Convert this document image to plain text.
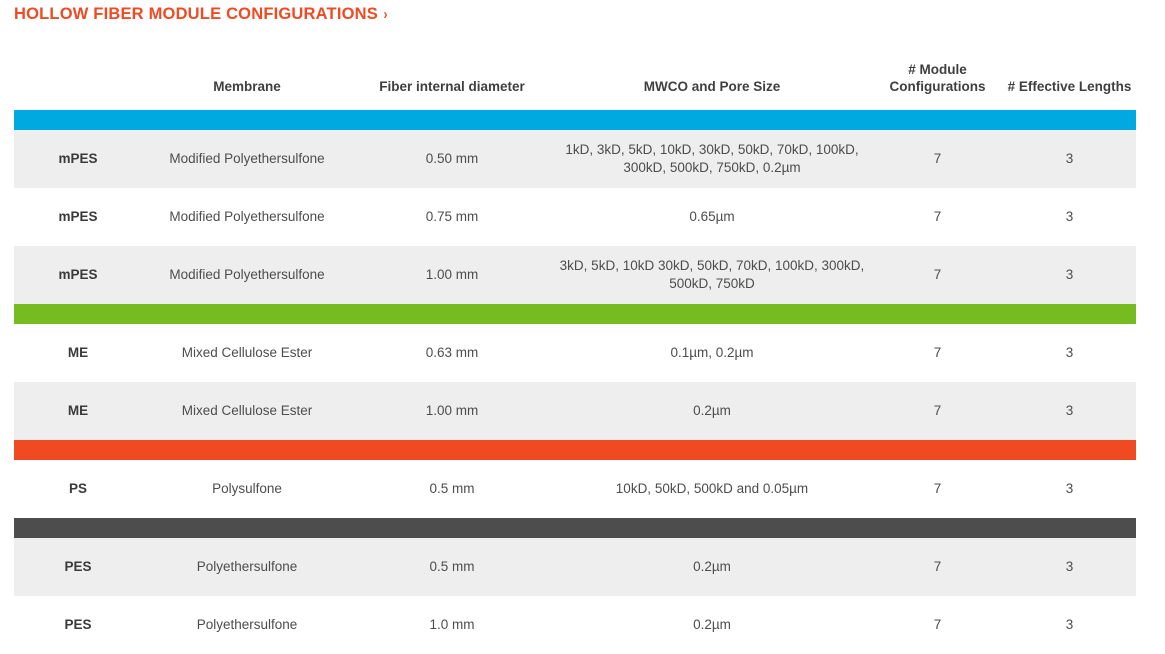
HOLLOW FIBER MODULE CONFIGURATIONS ›
	Membrane	Fiber internal diameter	MWCO and Pore Size	# Module Configurations	# Effective Lengths

mPES	Modified Polyethersulfone	0.50 mm	1kD, 3kD, 5kD, 10kD, 30kD, 50kD, 70kD, 100kD, 300kD, 500kD, 750kD, 0.2µm	7	3
mPES	Modified Polyethersulfone	0.75 mm	0.65µm	7	3
mPES	Modified Polyethersulfone	1.00 mm	3kD, 5kD, 10kD 30kD, 50kD, 70kD, 100kD, 300kD, 500kD, 750kD	7	3

ME	Mixed Cellulose Ester	0.63 mm	0.1µm, 0.2µm	7	3
ME	Mixed Cellulose Ester	1.00 mm	0.2µm	7	3

PS	Polysulfone	0.5 mm	10kD, 50kD, 500kD and 0.05µm	7	3

PES	Polyethersulfone	0.5 mm	0.2µm	7	3
PES	Polyethersulfone	1.0 mm	0.2µm	7	3
